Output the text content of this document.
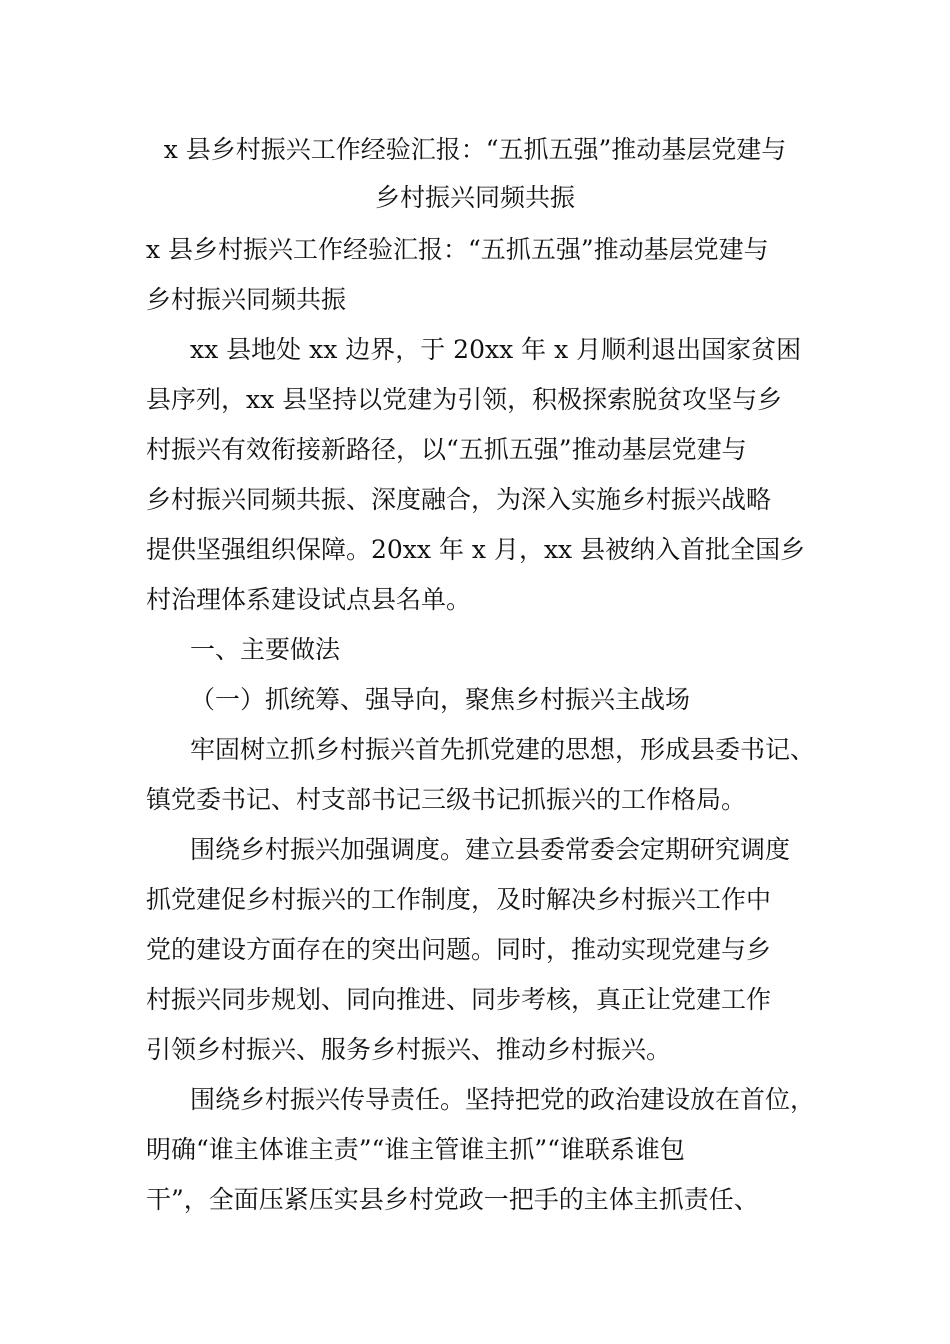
x 县乡村振兴工作经验汇报：“五抓五强”推动基层党建与
乡村振兴同频共振

x 县乡村振兴工作经验汇报：“五抓五强”推动基层党建与

乡村振兴同频共振

xx 县地处 xx 边界，于 20xx 年 x 月顺利退出国家贫困
县序列，xx 县坚持以党建为引领，积极探索脱贫攻坚与乡
村振兴有效衔接新路径，以“五抓五强”推动基层党建与
乡村振兴同频共振、深度融合，为深入实施乡村振兴战略
提供坚强组织保障。20xx 年 x 月，xx 县被纳入首批全国乡
村治理体系建设试点县名单。

一、主要做法

（一）抓统筹、强导向，聚焦乡村振兴主战场

牢固树立抓乡村振兴首先抓党建的思想，形成县委书记、
镇党委书记、村支部书记三级书记抓振兴的工作格局。

围绕乡村振兴加强调度。建立县委常委会定期研究调度
抓党建促乡村振兴的工作制度，及时解决乡村振兴工作中
党的建设方面存在的突出问题。同时，推动实现党建与乡
村振兴同步规划、同向推进、同步考核，真正让党建工作
引领乡村振兴、服务乡村振兴、推动乡村振兴。

围绕乡村振兴传导责任。坚持把党的政治建设放在首位，
明确“谁主体谁主责”“谁主管谁主抓”“谁联系谁包
干”，全面压紧压实县乡村党政一把手的主体主抓责任、
